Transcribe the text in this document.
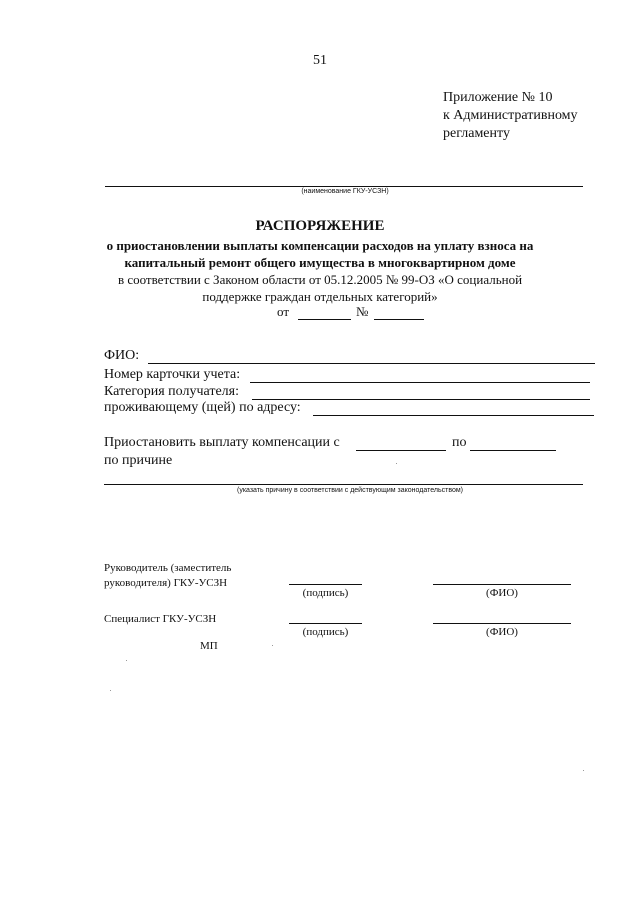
51
Приложение № 10
к Административному
регламенту
(наименование ГКУ-УСЗН)
РАСПОРЯЖЕНИЕ
о приостановлении выплаты компенсации расходов на уплату взноса на
капитальный ремонт общего имущества в многоквартирном доме
в соответствии с Законом области от 05.12.2005 № 99-ОЗ «О социальной
поддержке граждан отдельных категорий»
от	№
ФИО:
Номер карточки учета:
Категория получателя:
проживающему (щей) по адресу:
Приостановить выплату компенсации с	по
по причине
(указать причину в соответствии с действующим законодательством)
Руководитель (заместитель
руководителя) ГКУ-УСЗН
(подпись)	(ФИО)
Специалист ГКУ-УСЗН
(подпись)	(ФИО)
МП
